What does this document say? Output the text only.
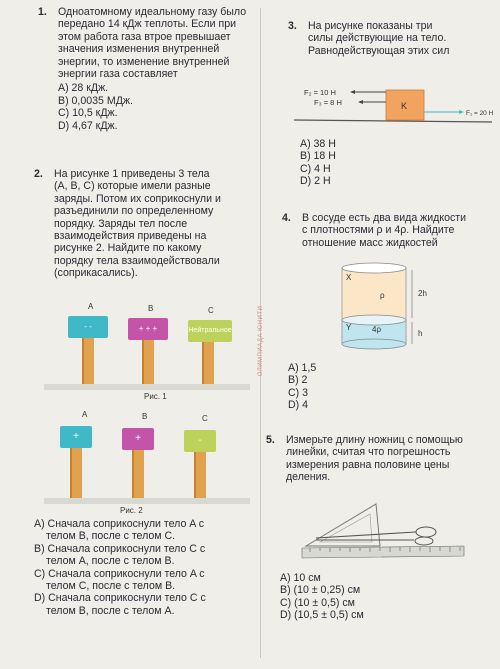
ОЛИМПИАДА ЮНИТИ
1. Одноатомному идеальному газу было
передано 14 кДж теплоты. Если при
этом работа газа втрое превышает
значения изменения внутренней
энергии, то изменение внутренней
энергии газа составляет
A) 28 кДж.
B) 0,0035 МДж.
C) 10,5 кДж.
D) 4,67 кДж.
2. На рисунке 1 приведены 3 тела
(A, B, C) которые имели разные
заряды. Потом их соприкоснули и
разъединили по определенному
порядку. Заряды тел после
взаимодействия приведены на
рисунке 2. Найдите по какому
порядку тела взаимодействовали
(соприкасались).
A	B	C
- -	+ + +	Нейтральное
Рис. 1
A	B	C
+	+	-
Рис. 2
A) Сначала соприкоснули тело A с
телом B, после с телом C.
B) Сначала соприкоснули тело C с
телом A, после с телом B.
C) Сначала соприкоснули тело A с
телом C, после с телом B.
D) Сначала соприкоснули тело C с
телом B, после с телом A.
3. На рисунке показаны три
силы действующие на тело.
Равнодействующая этих сил
K
F₂ = 10 H
F₃ = 8 H
F₁ = 20 H
A) 38 H
B) 18 H
C) 4 H
D) 2 H
4. В сосуде есть два вида жидкости
с плотностями ρ и 4ρ. Найдите
отношение масс жидкостей
X
Y
ρ
4ρ
2h
h
A) 1,5
B) 2
C) 3
D) 4
5. Измерьте длину ножниц с помощью
линейки, считая что погрешность
измерения равна половине цены
деления.
A) 10 см
B) (10 ± 0,25) см
C) (10 ± 0,5) см
D) (10,5 ± 0,5) см
